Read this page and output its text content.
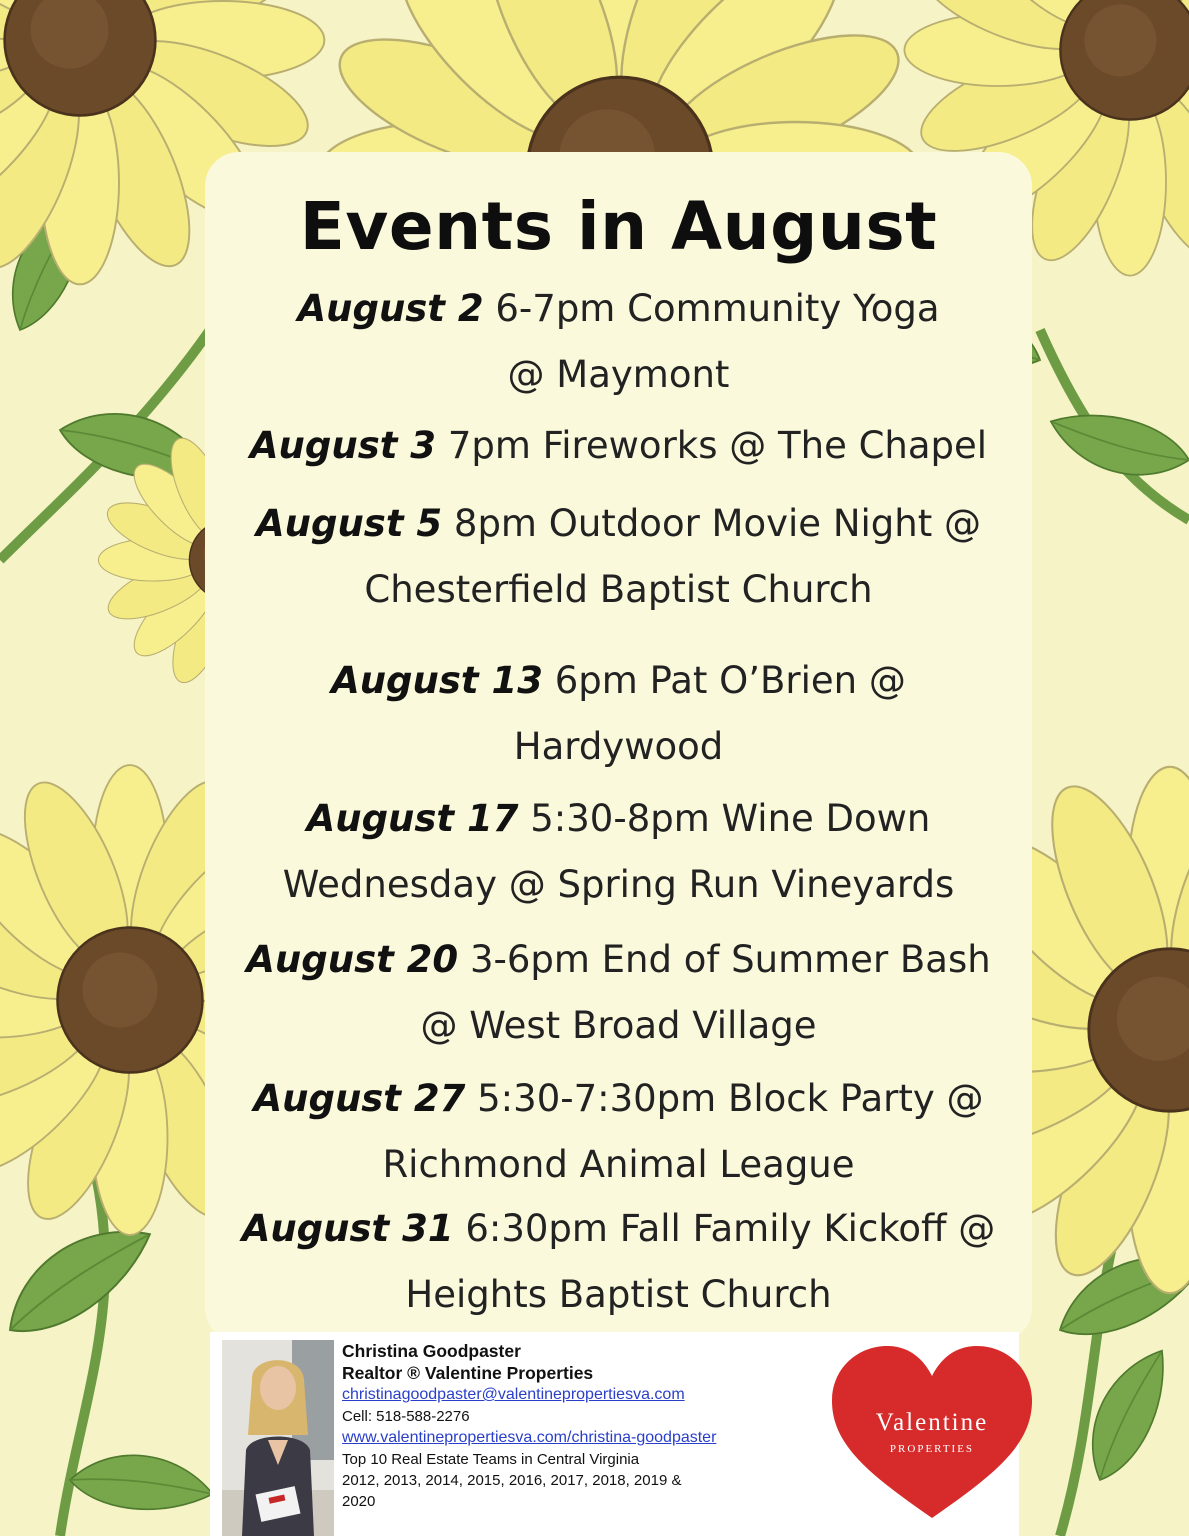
Events in August
August 2 6-7pm Community Yoga
@ Maymont
August 3 7pm Fireworks @ The Chapel
August 5 8pm Outdoor Movie Night @
Chesterfield Baptist Church
August 13 6pm Pat O’Brien @
Hardywood
August 17 5:30-8pm Wine Down
Wednesday @ Spring Run Vineyards
August 20 3-6pm End of Summer Bash
@ West Broad Village
August 27 5:30-7:30pm Block Party @
Richmond Animal League
August 31 6:30pm Fall Family Kickoff @
Heights Baptist Church
Christina Goodpaster
Realtor ® Valentine Properties
christinagoodpaster@valentinepropertiesva.com
Cell: 518-588-2276
www.valentinepropertiesva.com/christina-goodpaster
Top 10 Real Estate Teams in Central Virginia
2012, 2013, 2014, 2015, 2016, 2017, 2018, 2019 &
2020
Valentine
PROPERTIES
